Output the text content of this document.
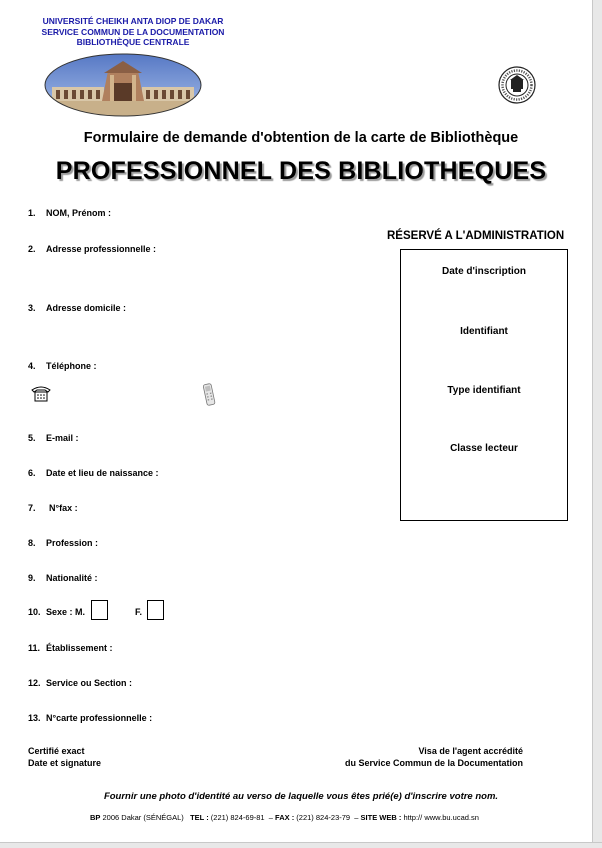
UNIVERSITÉ CHEIKH ANTA DIOP DE DAKAR
SERVICE COMMUN DE LA DOCUMENTATION
BIBLIOTHÈQUE CENTRALE
Formulaire de demande d'obtention de la carte de Bibliothèque
PROFESSIONNEL DES BIBLIOTHEQUES
1. NOM, Prénom :
2. Adresse professionnelle :
3. Adresse domicile :
4. Téléphone :
5. E-mail :
6. Date et lieu de naissance :
7. N°fax :
8. Profession :
9. Nationalité :
10. Sexe : M.	F.
11. Établissement :
12. Service ou Section :
13. N°carte professionnelle :
RÉSERVÉ A L'ADMINISTRATION
Date d'inscription
Identifiant
Type identifiant
Classe lecteur
Certifié exact
Date et signature
Visa de l'agent accrédité
du Service Commun de la Documentation
Fournir une photo d'identité au verso de laquelle vous êtes prié(e) d'inscrire votre nom.
BP 2006 Dakar (SÉNÉGAL) TEL : (221) 824-69-81  – FAX : (221) 824-23-79  – SITE WEB : http:// www.bu.ucad.sn
